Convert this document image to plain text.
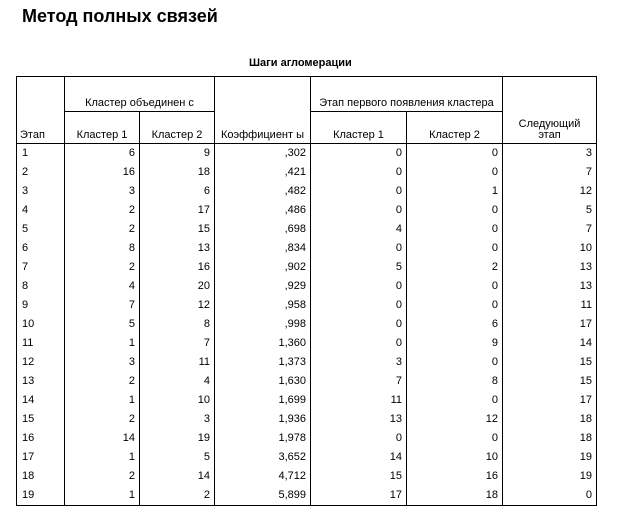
Метод полных связей
Шаги агломерации
Этап	Кластер объединен с		Коэффициент ы	Этап первого появления кластера		Следующий этап
	Кластер 1	Кластер 2		Кластер 1	Кластер 2	
1	6	9	,302	0	0	3
2	16	18	,421	0	0	7
3	3	6	,482	0	1	12
4	2	17	,486	0	0	5
5	2	15	,698	4	0	7
6	8	13	,834	0	0	10
7	2	16	,902	5	2	13
8	4	20	,929	0	0	13
9	7	12	,958	0	0	11
10	5	8	,998	0	6	17
11	1	7	1,360	0	9	14
12	3	11	1,373	3	0	15
13	2	4	1,630	7	8	15
14	1	10	1,699	11	0	17
15	2	3	1,936	13	12	18
16	14	19	1,978	0	0	18
17	1	5	3,652	14	10	19
18	2	14	4,712	15	16	19
19	1	2	5,899	17	18	0
